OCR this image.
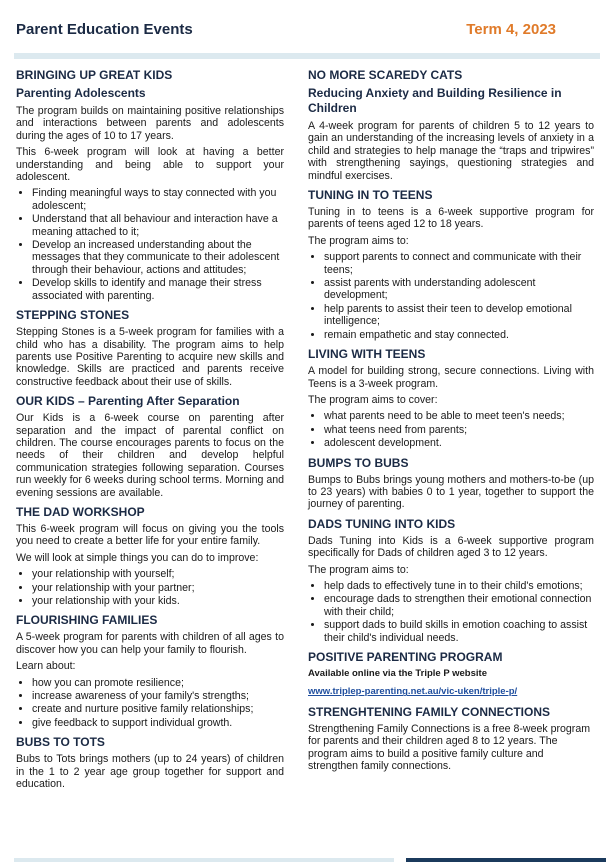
Parent Education Events	Term 4, 2023
BRINGING UP GREAT KIDS
Parenting Adolescents

The program builds on maintaining positive relationships and interactions between parents and adolescents during the ages of 10 to 17 years.

This 6-week program will look at having a better understanding and being able to support your adolescent.

• Finding meaningful ways to stay connected with you adolescent;
• Understand that all behaviour and interaction have a meaning attached to it;
• Develop an increased understanding about the messages that they communicate to their adolescent through their behaviour, actions and attitudes;
• Develop skills to identify and manage their stress associated with parenting.
STEPPING STONES

Stepping Stones is a 5-week program for families with a child who has a disability. The program aims to help parents use Positive Parenting to acquire new skills and knowledge. Skills are practiced and parents receive constructive feedback about their use of skills.

OUR KIDS – Parenting After Separation

Our Kids is a 6-week course on parenting after separation and the impact of parental conflict on children. The course encourages parents to focus on the needs of their children and develop helpful communication strategies following separation. Courses run weekly for 6 weeks during school terms. Morning and evening sessions are available.

THE DAD WORKSHOP

This 6-week program will focus on giving you the tools you need to create a better life for your entire family.

We will look at simple things you can do to improve:

• your relationship with yourself;
• your relationship with your partner;
• your relationship with your kids.
FLOURISHING FAMILIES

A 5-week program for parents with children of all ages to discover how you can help your family to flourish.

Learn about:

• how you can promote resilience;
• increase awareness of your family's strengths;
• create and nurture positive family relationships;
• give feedback to support individual growth.
BUBS TO TOTS

Bubs to Tots brings mothers (up to 24 years) of children in the 1 to 2 year age group together for support and education.

NO MORE SCAREDY CATS
Reducing Anxiety and Building Resilience in Children

A 4-week program for parents of children 5 to 12 years to gain an understanding of the increasing levels of anxiety in a child and strategies to help manage the “traps and tripwires” with strengthening sayings, questioning strategies and mindful exercises.

TUNING IN TO TEENS

Tuning in to teens is a 6-week supportive program for parents of teens aged 12 to 18 years.

The program aims to:

• support parents to connect and communicate with their teens;
• assist parents with understanding adolescent development;
• help parents to assist their teen to develop emotional intelligence;
• remain empathetic and stay connected.
LIVING WITH TEENS

A model for building strong, secure connections. Living with Teens is a 3-week program.

The program aims to cover:

• what parents need to be able to meet teen's needs;
• what teens need from parents;
• adolescent development.
BUMPS TO BUBS

Bumps to Bubs brings young mothers and mothers-to-be (up to 23 years) with babies 0 to 1 year, together to support the journey of parenting.

DADS TUNING INTO KIDS

Dads Tuning into Kids is a 6-week supportive program specifically for Dads of children aged 3 to 12 years.

The program aims to:

• help dads to effectively tune in to their child's emotions;
• encourage dads to strengthen their emotional connection with their child;
• support dads to build skills in emotion coaching to assist their child's individual needs.
POSITIVE PARENTING PROGRAM
Available online via the Triple P website
www.triplep-parenting.net.au/vic-uken/triple-p/
STRENGHTENING FAMILY CONNECTIONS

Strengthening Family Connections is a free 8-week program for parents and their children aged 8 to 12 years. The program aims to build a positive family culture and strengthen family connections.
